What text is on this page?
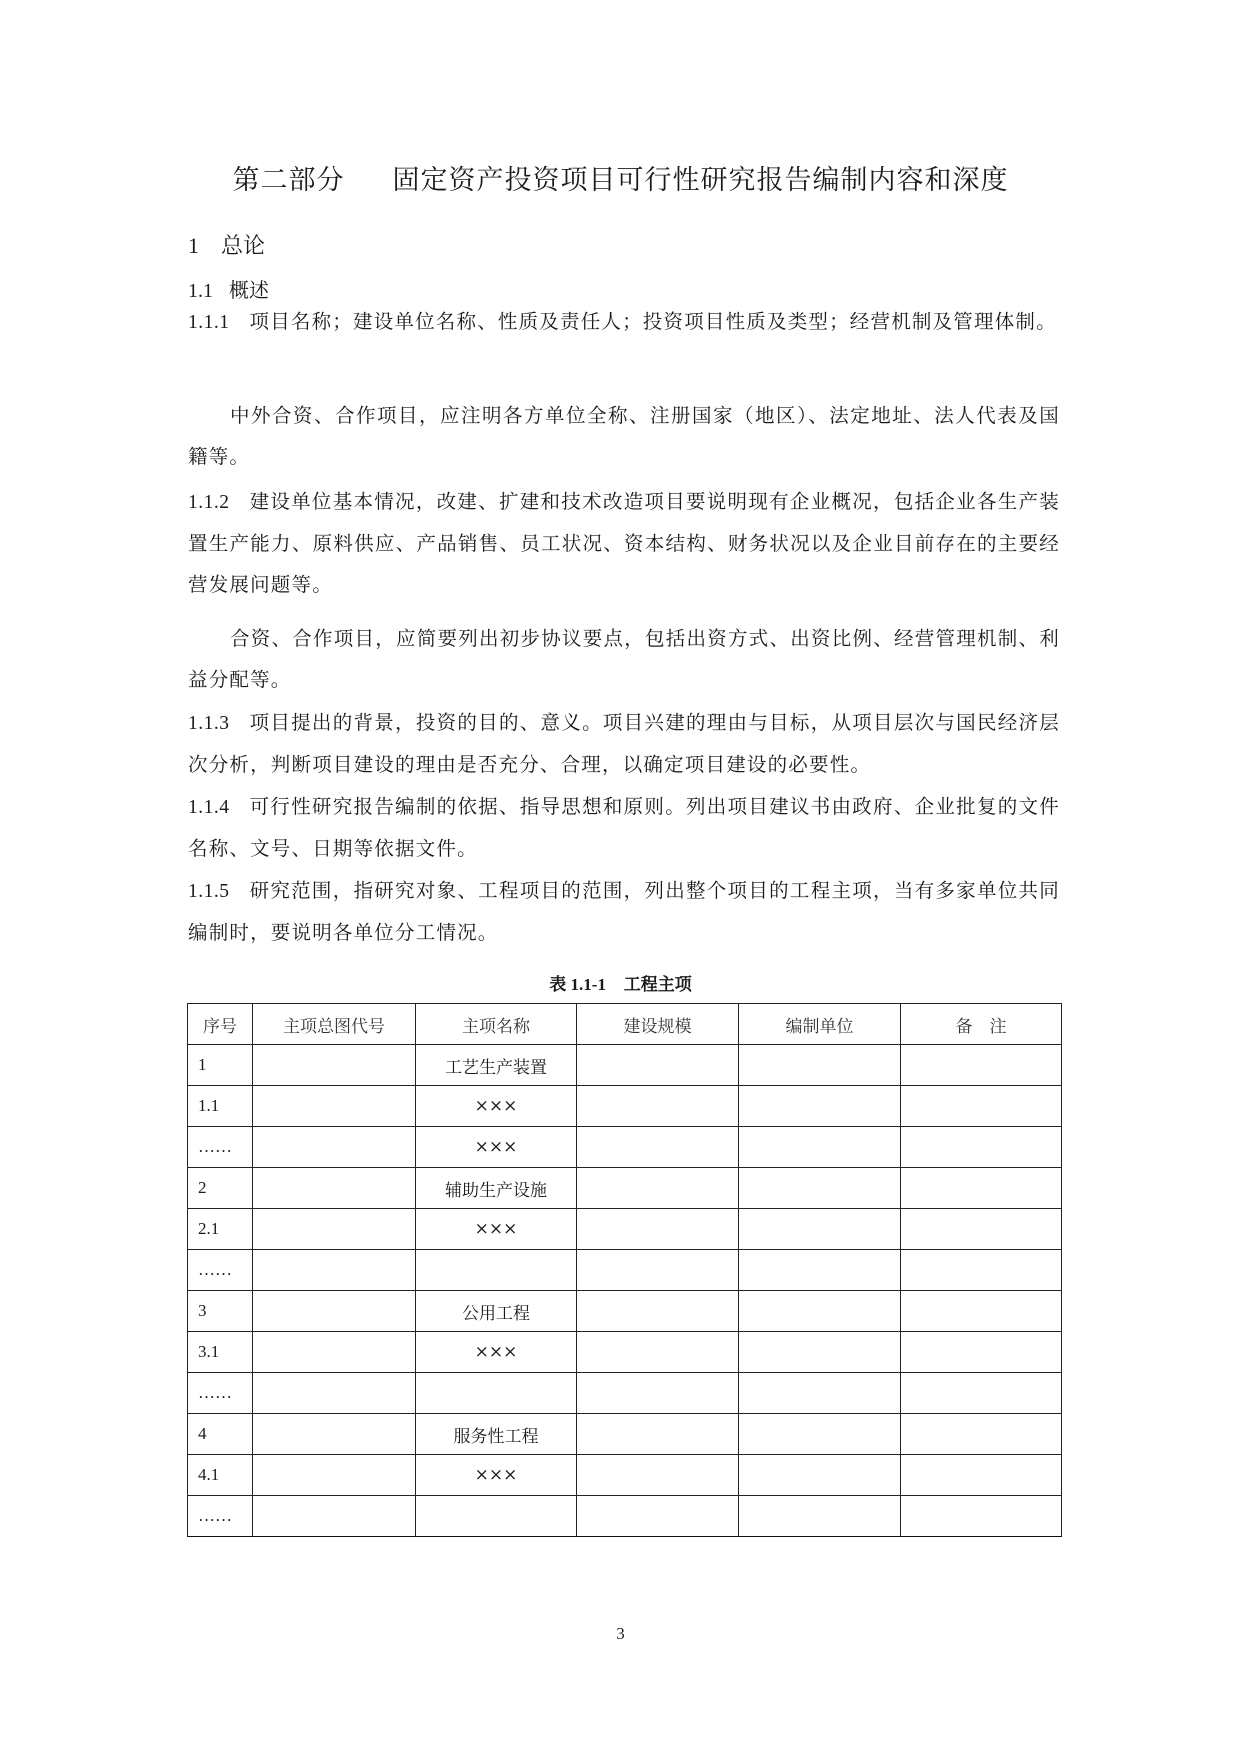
第二部分     固定资产投资项目可行性研究报告编制内容和深度
1 总论
1.1 概述
1.1.1 项目名称；建设单位名称、性质及责任人；投资项目性质及类型；经营机制及管理体制。
中外合资、合作项目，应注明各方单位全称、注册国家（地区）、法定地址、法人代表及国籍等。
1.1.2 建设单位基本情况，改建、扩建和技术改造项目要说明现有企业概况，包括企业各生产装置生产能力、原料供应、产品销售、员工状况、资本结构、财务状况以及企业目前存在的主要经营发展问题等。
合资、合作项目，应简要列出初步协议要点，包括出资方式、出资比例、经营管理机制、利益分配等。
1.1.3 项目提出的背景，投资的目的、意义。项目兴建的理由与目标，从项目层次与国民经济层次分析，判断项目建设的理由是否充分、合理，以确定项目建设的必要性。
1.1.4 可行性研究报告编制的依据、指导思想和原则。列出项目建议书由政府、企业批复的文件名称、文号、日期等依据文件。
1.1.5 研究范围，指研究对象、工程项目的范围，列出整个项目的工程主项，当有多家单位共同编制时，要说明各单位分工情况。
表 1.1-1 工程主项
序号	主项总图代号	主项名称	建设规模	编制单位	备　注
1		工艺生产装置			
1.1		×××			
……		×××			
2		辅助生产设施			
2.1		×××			
……					
3		公用工程			
3.1		×××			
……					
4		服务性工程			
4.1		×××			
……					
3
